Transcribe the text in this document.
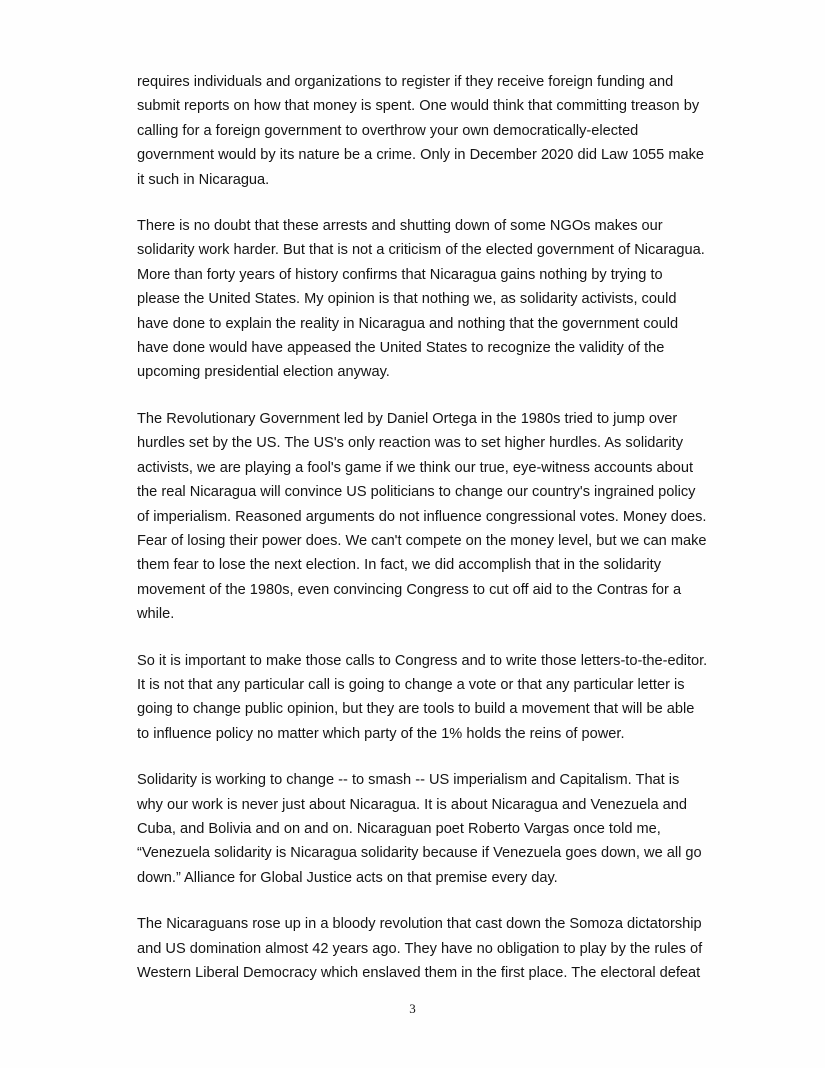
requires individuals and organizations to register if they receive foreign funding and
submit reports on how that money is spent. One would think that committing treason by
calling for a foreign government to overthrow your own democratically-elected
government would by its nature be a crime. Only in December 2020 did Law 1055 make
it such in Nicaragua.

There is no doubt that these arrests and shutting down of some NGOs makes our
solidarity work harder. But that is not a criticism of the elected government of Nicaragua.
More than forty years of history confirms that Nicaragua gains nothing by trying to
please the United States. My opinion is that nothing we, as solidarity activists, could
have done to explain the reality in Nicaragua and nothing that the government could
have done would have appeased the United States to recognize the validity of the
upcoming presidential election anyway.

The Revolutionary Government led by Daniel Ortega in the 1980s tried to jump over
hurdles set by the US. The US's only reaction was to set higher hurdles. As solidarity
activists, we are playing a fool's game if we think our true, eye-witness accounts about
the real Nicaragua will convince US politicians to change our country's ingrained policy
of imperialism. Reasoned arguments do not influence congressional votes. Money does.
Fear of losing their power does. We can't compete on the money level, but we can make
them fear to lose the next election. In fact, we did accomplish that in the solidarity
movement of the 1980s, even convincing Congress to cut off aid to the Contras for a
while.

So it is important to make those calls to Congress and to write those letters-to-the-editor.
It is not that any particular call is going to change a vote or that any particular letter is
going to change public opinion, but they are tools to build a movement that will be able
to influence policy no matter which party of the 1% holds the reins of power.

Solidarity is working to change -- to smash -- US imperialism and Capitalism. That is
why our work is never just about Nicaragua. It is about Nicaragua and Venezuela and
Cuba, and Bolivia and on and on. Nicaraguan poet Roberto Vargas once told me,
“Venezuela solidarity is Nicaragua solidarity because if Venezuela goes down, we all go
down.” Alliance for Global Justice acts on that premise every day.

The Nicaraguans rose up in a bloody revolution that cast down the Somoza dictatorship
and US domination almost 42 years ago. They have no obligation to play by the rules of
Western Liberal Democracy which enslaved them in the first place. The electoral defeat

3
